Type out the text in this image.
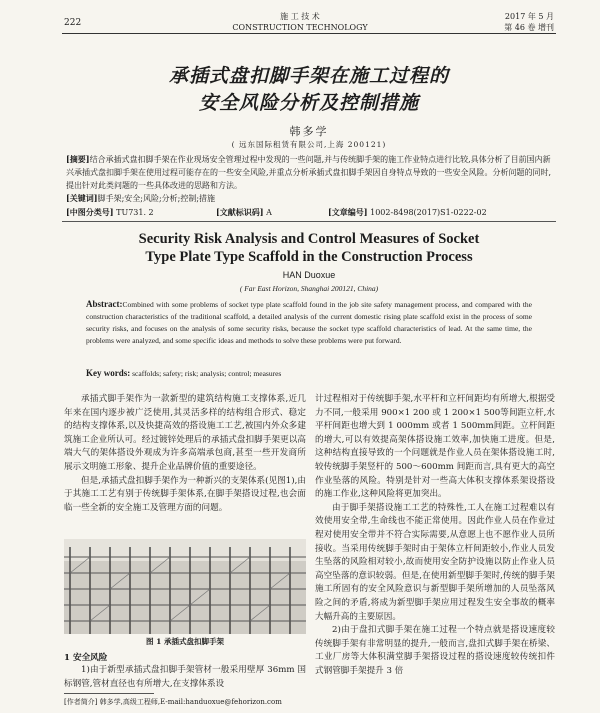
222
施 工 技 术
CONSTRUCTION TECHNOLOGY
2017 年 5 月
第 46 卷 增刊
承插式盘扣脚手架在施工过程的
安全风险分析及控制措施
韩多学
( 远东国际租赁有限公司,上海 200121)
[摘要]结合承插式盘扣脚手架在作业现场安全管理过程中发现的一些问题,并与传统脚手架的施工作业特点进行比较,具体分析了目前国内新兴承插式盘扣脚手架在使用过程可能存在的一些安全风险,并重点分析承插式盘扣脚手架因自身特点导致的一些安全风险。分析问题的同时,提出针对此类问题的一些具体改进的思路和方法。
[关键词]脚手架;安全;风险;分析;控制;措施
[中图分类号] TU731. 2	[文献标识码] A	[文章编号] 1002-8498(2017)S1-0222-02
Security Risk Analysis and Control Measures of Socket
Type Plate Type Scaffold in the Construction Process
HAN Duoxue
( Far East Horizon, Shanghai 200121, China)
Abstract:Combined with some problems of socket type plate scaffold found in the job site safety management process, and compared with the construction characteristics of the traditional scaffold, a detailed analysis of the current domestic rising plate scaffold exist in the process of some security risks, and focuses on the analysis of some security risks, because the socket type scaffold characteristics of lead. At the same time, the problems were analyzed, and some specific ideas and methods to solve these problems were put forward.
Key words: scaffolds; safety; risk; analysis; control; measures

承插式脚手架作为一款新型的建筑结构施工支撑体系,近几年来在国内逐步被广泛使用,其灵活多样的结构组合形式、稳定的结构支撑体系,以及快捷高效的搭设施工工艺,被国内外众多建筑施工企业所认可。经过镀锌处理后的承插式盘扣脚手架更以高端大气的架体搭设外观成为许多高端承包商,甚至一些开发商所展示文明施工形象、提升企业品牌价值的重要途径。

但是,承插式盘扣脚手架作为一种新兴的支架体系(见图1),由于其施工工艺有别于传统脚手架体系,在脚手架搭设过程,也会面临一些全新的安全施工及管理方面的问题。

图 1 承插式盘扣脚手架
1 安全风险

1)由于新型承插式盘扣脚手架管材一般采用壁厚 36mm 国标钢管,管材直径也有所增大,在支撑体系设

[作者简介] 韩多学,高级工程师,E-mail:handuoxue@fehorizon.com

计过程相对于传统脚手架,水平杆和立杆间距均有所增大,根据受力不同,一般采用 900×1 200 或 1 200×1 500等间距立杆,水平杆间距也增大到 1 000mm 或者 1 500mm间距。立杆间距的增大,可以有效提高架体搭设施工效率,加快施工进度。但是,这种结构直接导致的一个问题就是作业人员在架体搭设施工时,较传统脚手架竖杆的 500～600mm 间距而言,具有更大的高空作业坠落的风险。特别是针对一些高大体积支撑体系架设搭设的施工作业,这种风险将更加突出。

由于脚手架搭设施工工艺的特殊性,工人在施工过程难以有效使用安全带,生命线也不能正常使用。因此作业人员在作业过程对使用安全带并不符合实际需要,从意愿上也不愿作业人员所接收。当采用传统脚手架时由于架体立杆间距较小,作业人员发生坠落的风险相对较小,故而使用安全防护设施以防止作业人员高空坠落的意识较弱。但是,在使用新型脚手架时,传统的脚手架施工所固有的安全风险意识与新型脚手架所增加的人员坠落风险之间的矛盾,将成为新型脚手架应用过程发生安全事故的概率大幅升高的主要原因。

2)由于盘扣式脚手架在施工过程一个特点就是搭设速度较传统脚手架有非常明显的提升,一般而言,盘扣式脚手架在桥梁、工业厂房等大体积满堂脚手架搭设过程的搭设速度较传统扣件式钢管脚手架提升 3 倍
